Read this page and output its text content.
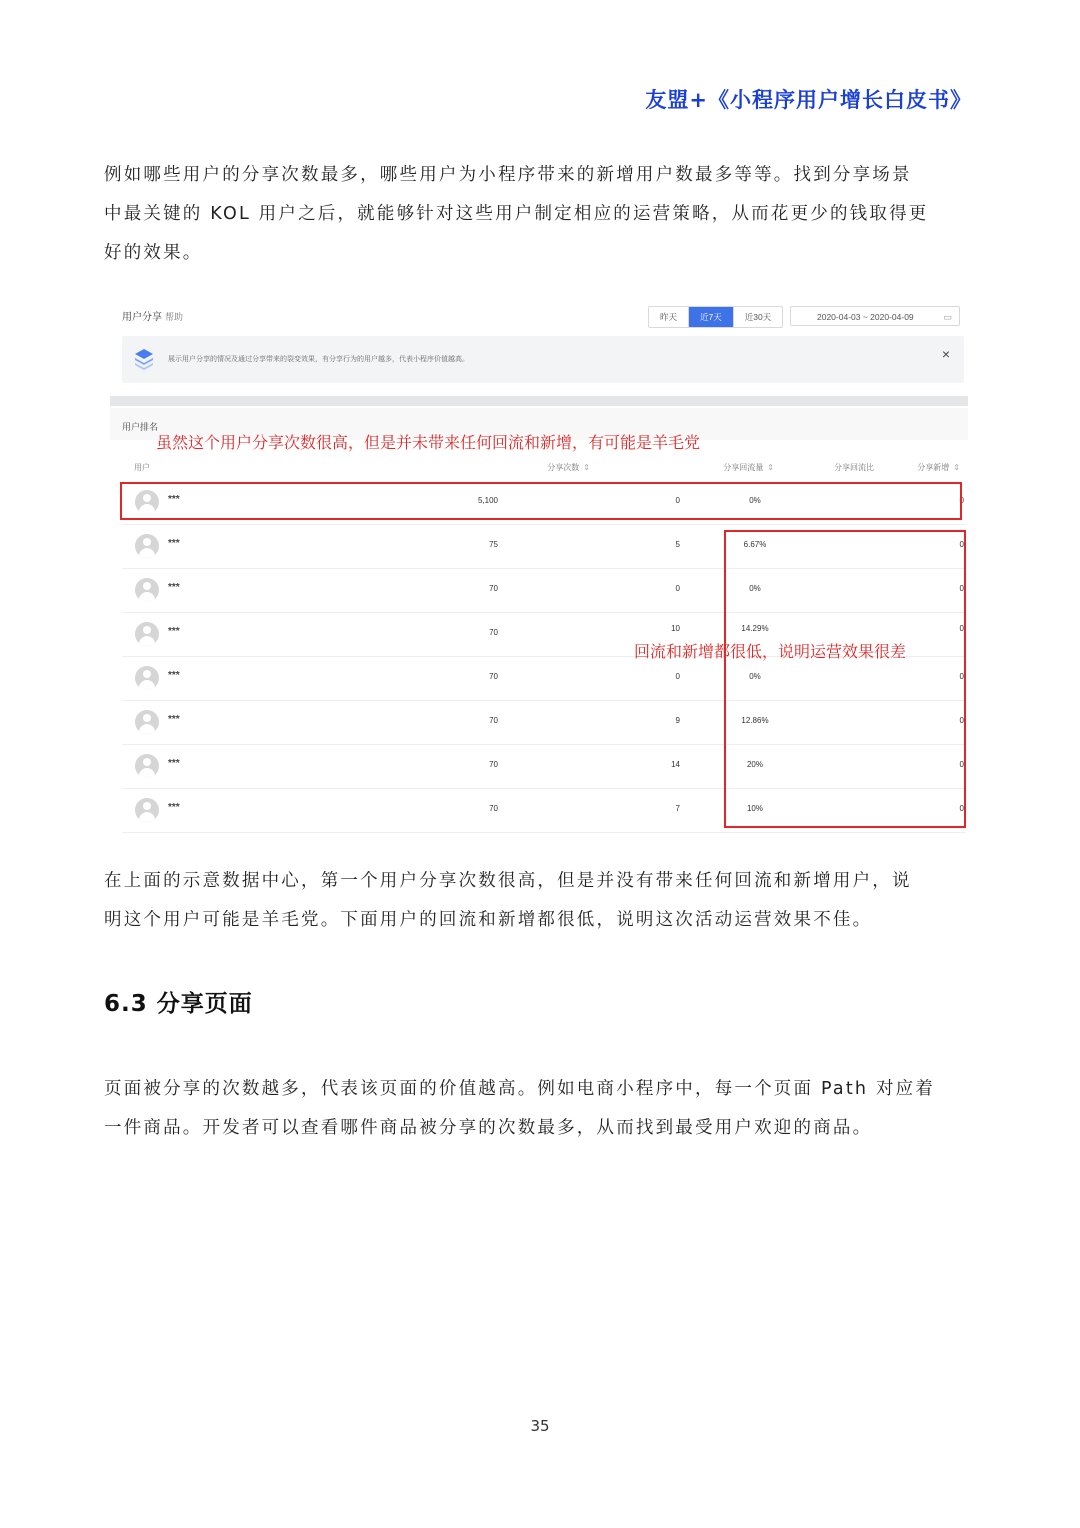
友盟+《小程序用户增长白皮书》
例如哪些用户的分享次数最多，哪些用户为小程序带来的新增用户数最多等等。找到分享场景
中最关键的 KOL 用户之后，就能够针对这些用户制定相应的运营策略，从而花更少的钱取得更
好的效果。
用户分享 帮助	昨天	近7天	近30天	2020-04-03 ~ 2020-04-09	▭
展示用户分享的情况及通过分享带来的裂变效果，有分享行为的用户越多，代表小程序价值越高。	×
用户排名
用户	分享次数 ⇕	分享回流量 ⇕	分享回流比	分享新增 ⇕
***	5,100	0	0%	0
***	75	5	6.67%	0
***	70	0	0%	0
***	70	10	14.29%	0
***	70	0	0%	0
***	70	9	12.86%	0
***	70	14	20%	0
***	70	7	10%	0
虽然这个用户分享次数很高，但是并未带来任何回流和新增，有可能是羊毛党
回流和新增都很低，说明运营效果很差
在上面的示意数据中心，第一个用户分享次数很高，但是并没有带来任何回流和新增用户，说
明这个用户可能是羊毛党。下面用户的回流和新增都很低，说明这次活动运营效果不佳。
6.3 分享页面
页面被分享的次数越多，代表该页面的价值越高。例如电商小程序中，每一个页面 Path 对应着
一件商品。开发者可以查看哪件商品被分享的次数最多，从而找到最受用户欢迎的商品。
35
